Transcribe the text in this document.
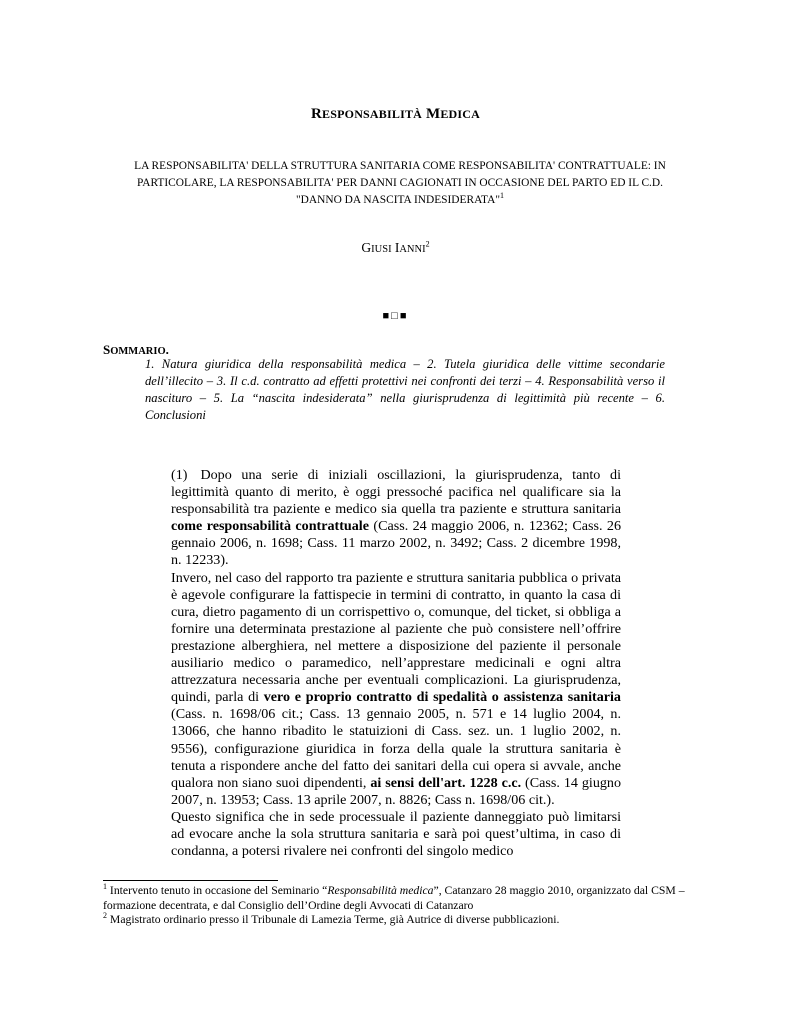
RESPONSABILITÀ MEDICA
LA RESPONSABILITA' DELLA STRUTTURA SANITARIA COME RESPONSABILITA' CONTRATTUALE: IN
PARTICOLARE, LA RESPONSABILITA' PER DANNI CAGIONATI IN OCCASIONE DEL PARTO ED IL C.D.
"DANNO DA NASCITA INDESIDERATA"$^1$
GIUSI IANNI$^2$
■□■
SOMMARIO.
1. Natura giuridica della responsabilità medica – 2. Tutela giuridica delle vittime secondarie dell’illecito – 3. Il c.d. contratto ad effetti protettivi nei confronti dei terzi – 4. Responsabilità verso il nascituro – 5. La “nascita indesiderata” nella giurisprudenza di legittimità più recente – 6. Conclusioni

(1) Dopo una serie di iniziali oscillazioni, la giurisprudenza, tanto di legittimità quanto di merito, è oggi pressoché pacifica nel qualificare sia la responsabilità tra paziente e medico sia quella tra paziente e struttura sanitaria come responsabilità contrattuale (Cass. 24 maggio 2006, n. 12362; Cass. 26 gennaio 2006, n. 1698; Cass. 11 marzo 2002, n. 3492; Cass. 2 dicembre 1998, n. 12233).

Invero, nel caso del rapporto tra paziente e struttura sanitaria pubblica o privata è agevole configurare la fattispecie in termini di contratto, in quanto la casa di cura, dietro pagamento di un corrispettivo o, comunque, del ticket, si obbliga a fornire una determinata prestazione al paziente che può consistere nell’offrire prestazione alberghiera, nel mettere a disposizione del paziente il personale ausiliario medico o paramedico, nell’apprestare medicinali e ogni altra attrezzatura necessaria anche per eventuali complicazioni. La giurisprudenza, quindi, parla di vero e proprio contratto di spedalità o assistenza sanitaria (Cass. n. 1698/06 cit.; Cass. 13 gennaio 2005, n. 571 e 14 luglio 2004, n. 13066, che hanno ribadito le statuizioni di Cass. sez. un. 1 luglio 2002, n. 9556), configurazione giuridica in forza della quale la struttura sanitaria è tenuta a rispondere anche del fatto dei sanitari della cui opera si avvale, anche qualora non siano suoi dipendenti, ai sensi dell'art. 1228 c.c. (Cass. 14 giugno 2007, n. 13953; Cass. 13 aprile 2007, n. 8826; Cass n. 1698/06 cit.).

Questo significa che in sede processuale il paziente danneggiato può limitarsi ad evocare anche la sola struttura sanitaria e sarà poi quest’ultima, in caso di condanna, a potersi rivalere nei confronti del singolo medico

$^1$ Intervento tenuto in occasione del Seminario “Responsabilità medica”, Catanzaro 28 maggio 2010, organizzato dal CSM – formazione decentrata, e dal Consiglio dell’Ordine degli Avvocati di Catanzaro

$^2$ Magistrato ordinario presso il Tribunale di Lamezia Terme, già Autrice di diverse pubblicazioni.
